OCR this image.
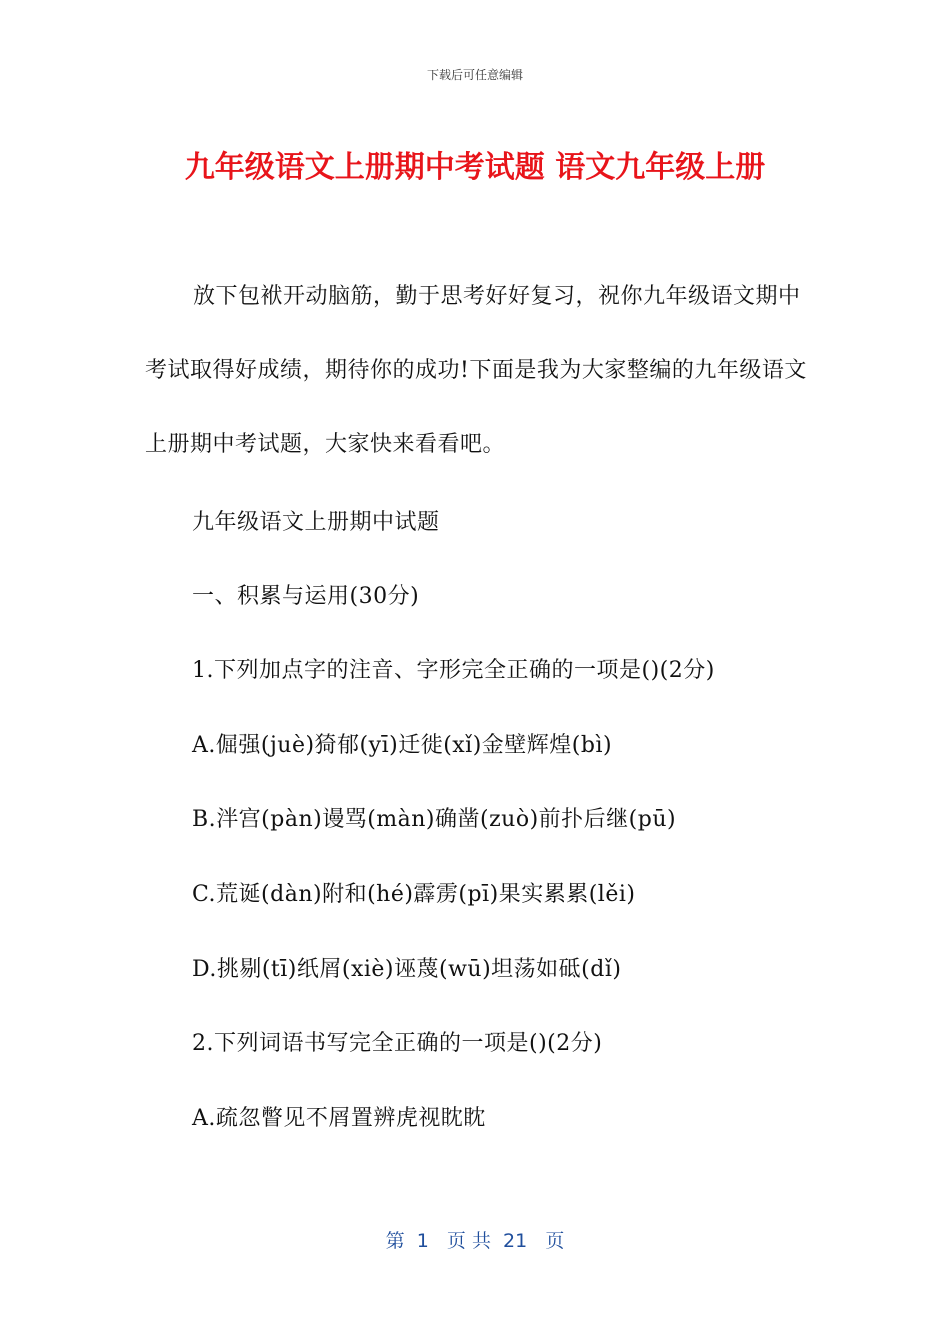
下载后可任意编辑
九年级语文上册期中考试题 语文九年级上册
放下包袱开动脑筋，勤于思考好好复习，祝你九年级语文期中考试取得好成绩，期待你的成功!下面是我为大家整编的九年级语文上册期中考试题，大家快来看看吧。
九年级语文上册期中试题
一、积累与运用(30分)
1.下列加点字的注音、字形完全正确的一项是()(2分)
A.倔强(juè)猗郁(yī)迁徙(xǐ)金壁辉煌(bì)
B.泮宫(pàn)谩骂(màn)确凿(zuò)前扑后继(pū)
C.荒诞(dàn)附和(hé)霹雳(pī)果实累累(lěi)
D.挑剔(tī)纸屑(xiè)诬蔑(wū)坦荡如砥(dǐ)
2.下列词语书写完全正确的一项是()(2分)
A.疏忽瞥见不屑置辨虎视眈眈
第  1   页 共  21   页
